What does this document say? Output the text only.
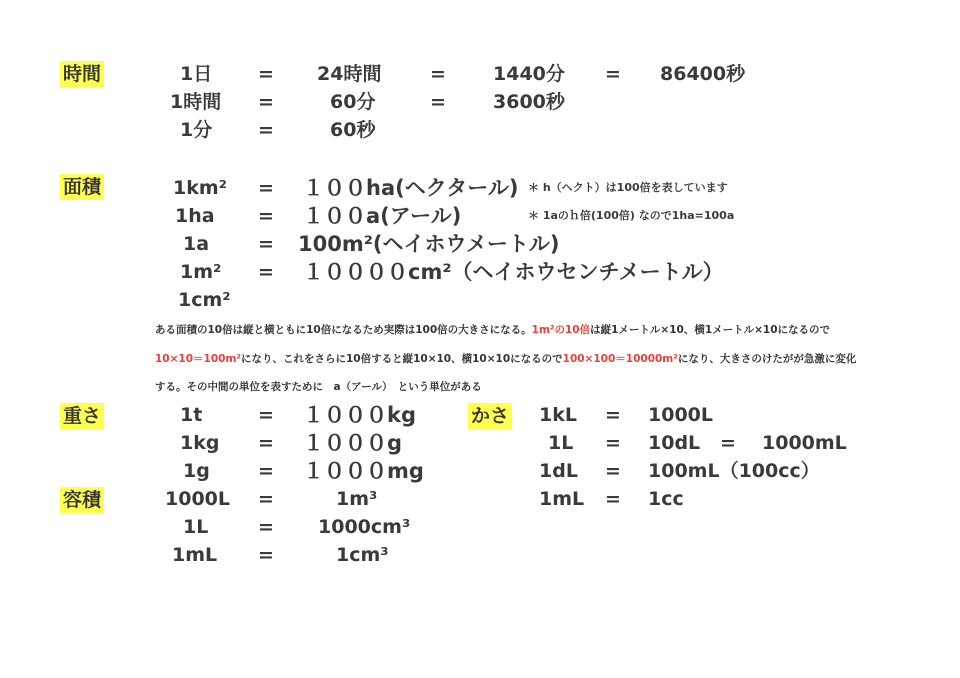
時間	1日 = 24時間	= 1440分 = 86400秒
1時間 =	60分	= 3600秒
1分 =	60秒
面積	1km² = １００ha(ヘクタール) ＊ h（ヘクト）は100倍を表しています
1ha = １００a(アール)	＊ 1aのｈ倍(100倍) なので1ha=100a
1a	= 100m²(ヘイホウメートル)
1m² = １００００cm²（ヘイホウセンチメートル）
1cm²
ある面積の10倍は縦と横ともに10倍になるため実際は100倍の大きさになる。1m²の10倍は縦1メートル×10、横1メートル×10になるので
10×10＝100m²になり、これをさらに10倍すると縦10×10、横10×10になるので100×100＝10000m²になり、大きさのけたがが急激に変化
する。その中間の単位を表すために　a（アール）　という単位がある
重さ	1t	= １０００kg
1kg = １０００g
1g	= １０００mg
かさ 1kL = 1000L
1L = 10dL = 1000mL
1dL = 100mL（100cc）
1mL = 1cc
容積	1000L =	1m³
1L	= 1000cm³
1mL =	1cm³
